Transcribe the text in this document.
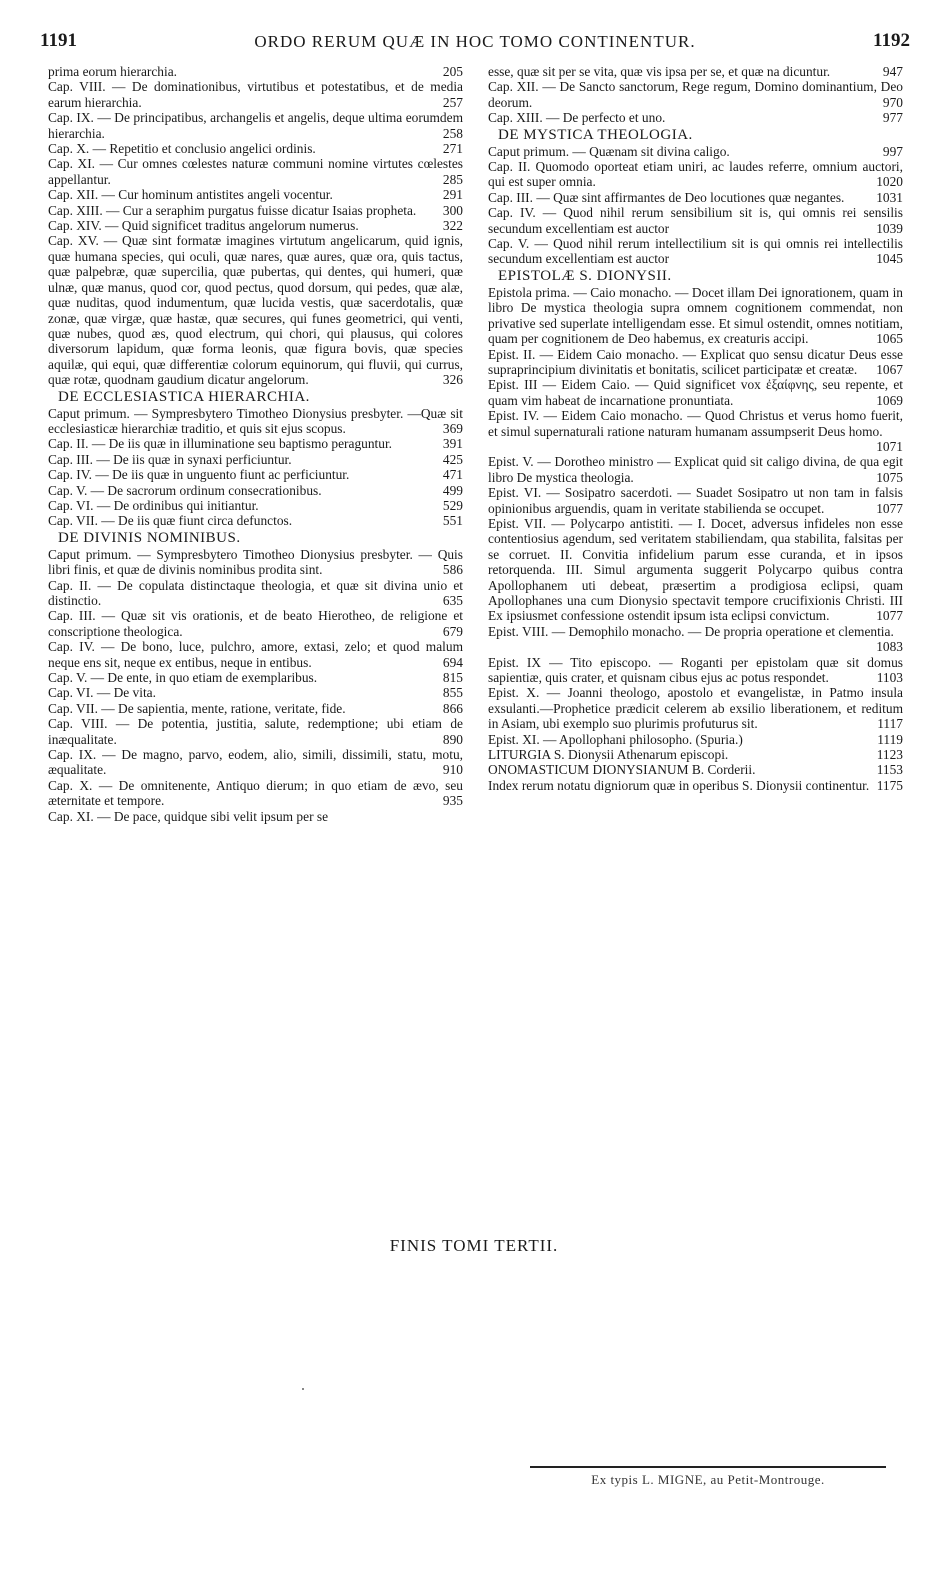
1191	ORDO RERUM QUÆ IN HOC TOMO CONTINENTUR.	1192
prima eorum hierarchia.	205
Cap. VIII. — De dominationibus, virtutibus et potestatibus, et de media earum hierarchia.	257
Cap. IX. — De principatibus, archangelis et angelis, deque ultima eorumdem hierarchia.	258
Cap. X. — Repetitio et conclusio angelici ordinis.	271
Cap. XI. — Cur omnes cœlestes naturæ communi nomine virtutes cœlestes appellantur.	285
Cap. XII. — Cur hominum antistites angeli vocentur.	291
Cap. XIII. — Cur a seraphim purgatus fuisse dicatur Isaias propheta. 300
Cap. XIV. — Quid significet traditus angelorum numerus.	322
Cap. XV. — Quæ sint formatæ imagines virtutum angelicarum, quid ignis, quæ humana species, qui oculi, quæ nares, quæ aures, quæ ora, quis tactus, quæ palpebræ, quæ supercilia, quæ pubertas, qui dentes, qui humeri, quæ ulnæ, quæ manus, quod cor, quod pectus, quod dorsum, qui pedes, quæ alæ, quæ nuditas, quod indumentum, quæ lucida vestis, quæ sacerdotalis, quæ zonæ, quæ virgæ, quæ hastæ, quæ secures, qui funes geometrici, qui venti, quæ nubes, quod æs, quod electrum, qui chori, qui plausus, qui colores diversorum lapidum, quæ forma leonis, quæ figura bovis, quæ species aquilæ, qui equi, quæ differentiæ colorum equinorum, qui fluvii, qui currus, quæ rotæ, quodnam gaudium dicatur angelorum.	326
DE ECCLESIASTICA HIERARCHIA.
Caput primum. — Sympresbytero Timotheo Dionysius presbyter. —Quæ sit ecclesiasticæ hierarchiæ traditio, et quis sit ejus scopus.	369
Cap. II. — De iis quæ in illuminatione seu baptismo peraguntur.	391
Cap. III. — De iis quæ in synaxi perficiuntur.	425
Cap. IV. — De iis quæ in unguento fiunt ac perficiuntur.	471
Cap. V. — De sacrorum ordinum consecrationibus.	499
Cap. VI. — De ordinibus qui initiantur.	529
Cap. VII. — De iis quæ fiunt circa defunctos.	551
DE DIVINIS NOMINIBUS.
Caput primum. — Sympresbytero Timotheo Dionysius presbyter. — Quis libri finis, et quæ de divinis nominibus prodita sint.	586
Cap. II. — De copulata distinctaque theologia, et quæ sit divina unio et distinctio.	635
Cap. III. — Quæ sit vis orationis, et de beato Hierotheo, de religione et conscriptione theologica.	679
Cap. IV. — De bono, luce, pulchro, amore, extasi, zelo; et quod malum neque ens sit, neque ex entibus, neque in entibus.	694
Cap. V. — De ente, in quo etiam de exemplaribus.	815
Cap. VI. — De vita.	855
Cap. VII. — De sapientia, mente, ratione, veritate, fide.	866
Cap. VIII. — De potentia, justitia, salute, redemptione; ubi etiam de inæqualitate.	890
Cap. IX. — De magno, parvo, eodem, alio, simili, dissimili, statu, motu, æqualitate.	910
Cap. X. — De omnitenente, Antiquo dierum; in quo etiam de ævo, seu æternitate et tempore.	935
Cap. XI. — De pace, quidque sibi velit ipsum per se
esse, quæ sit per se vita, quæ vis ipsa per se, et quæ na dicuntur.	947
Cap. XII. — De Sancto sanctorum, Rege regum, Domino dominantium, Deo deorum.	970
Cap. XIII. — De perfecto et uno.	977
DE MYSTICA THEOLOGIA.
Caput primum. — Quænam sit divina caligo.	997
Cap. II. Quomodo oporteat etiam uniri, ac laudes referre, omnium auctori, qui est super omnia.	1020
Cap. III. — Quæ sint affirmantes de Deo locutiones quæ negantes. 1031
Cap. IV. — Quod nihil rerum sensibilium sit is, qui omnis rei sensilis secundum excellentiam est auctor	1039
Cap. V. — Quod nihil rerum intellectilium sit is qui omnis rei intellectilis secundum excellentiam est auctor	1045
EPISTOLÆ S. DIONYSII.
Epistola prima. — Caio monacho. — Docet illam Dei ignorationem, quam in libro De mystica theologia supra omnem cognitionem commendat, non privative sed superlate intelligendam esse. Et simul ostendit, omnes notitiam, quam per cognitionem de Deo habemus, ex creaturis accipi.	1065
Epist. II. — Eidem Caio monacho. — Explicat quo sensu dicatur Deus esse supraprincipium divinitatis et bonitatis, scilicet participatæ et creatæ. 1067
Epist. III — Eidem Caio. — Quid significet vox ἐξαίφνης, seu repente, et quam vim habeat de incarnatione pronuntiata.	1069
Epist. IV. — Eidem Caio monacho. — Quod Christus et verus homo fuerit, et simul supernaturali ratione naturam humanam assumpserit Deus homo.
1071
Epist. V. — Dorotheo ministro — Explicat quid sit caligo divina, de qua egit libro De mystica theologia.	1075
Epist. VI. — Sosipatro sacerdoti. — Suadet Sosipatro ut non tam in falsis opinionibus arguendis, quam in veritate stabilienda se occupet.	1077
Epist. VII. — Polycarpo antistiti. — I. Docet, adversus infideles non esse contentiosius agendum, sed veritatem stabiliendam, qua stabilita, falsitas per se corruet. II. Convitia infidelium parum esse curanda, et in ipsos retorquenda. III. Simul argumenta suggerit Polycarpo quibus contra Apollophanem uti debeat, præsertim a prodigiosa eclipsi, quam Apollophanes una cum Dionysio spectavit tempore crucifixionis Christi. III Ex ipsiusmet confessione ostendit ipsum ista eclipsi convictum.	1077
Epist. VIII. — Demophilo monacho. — De propria operatione et clementia.
1083
Epist. IX — Tito episcopo. — Roganti per epistolam quæ sit domus sapientiæ, quis crater, et quisnam cibus ejus ac potus respondet.	1103
Epist. X. — Joanni theologo, apostolo et evangelistæ, in Patmo insula exsulanti.—Prophetice prædicit celerem ab exsilio liberationem, et reditum in Asiam, ubi exemplo suo plurimis profuturus sit.	1117
Epist. XI. — Apollophani philosopho. (Spuria.)	1119
LITURGIA S. Dionysii Athenarum episcopi.	1123
ONOMASTICUM DIONYSIANUM B. Corderii.	1153
Index rerum notatu digniorum quæ in operibus S. Dionysii continentur. 1175
FINIS TOMI TERTII.
Ex typis L. MIGNE, au Petit-Montrouge.
